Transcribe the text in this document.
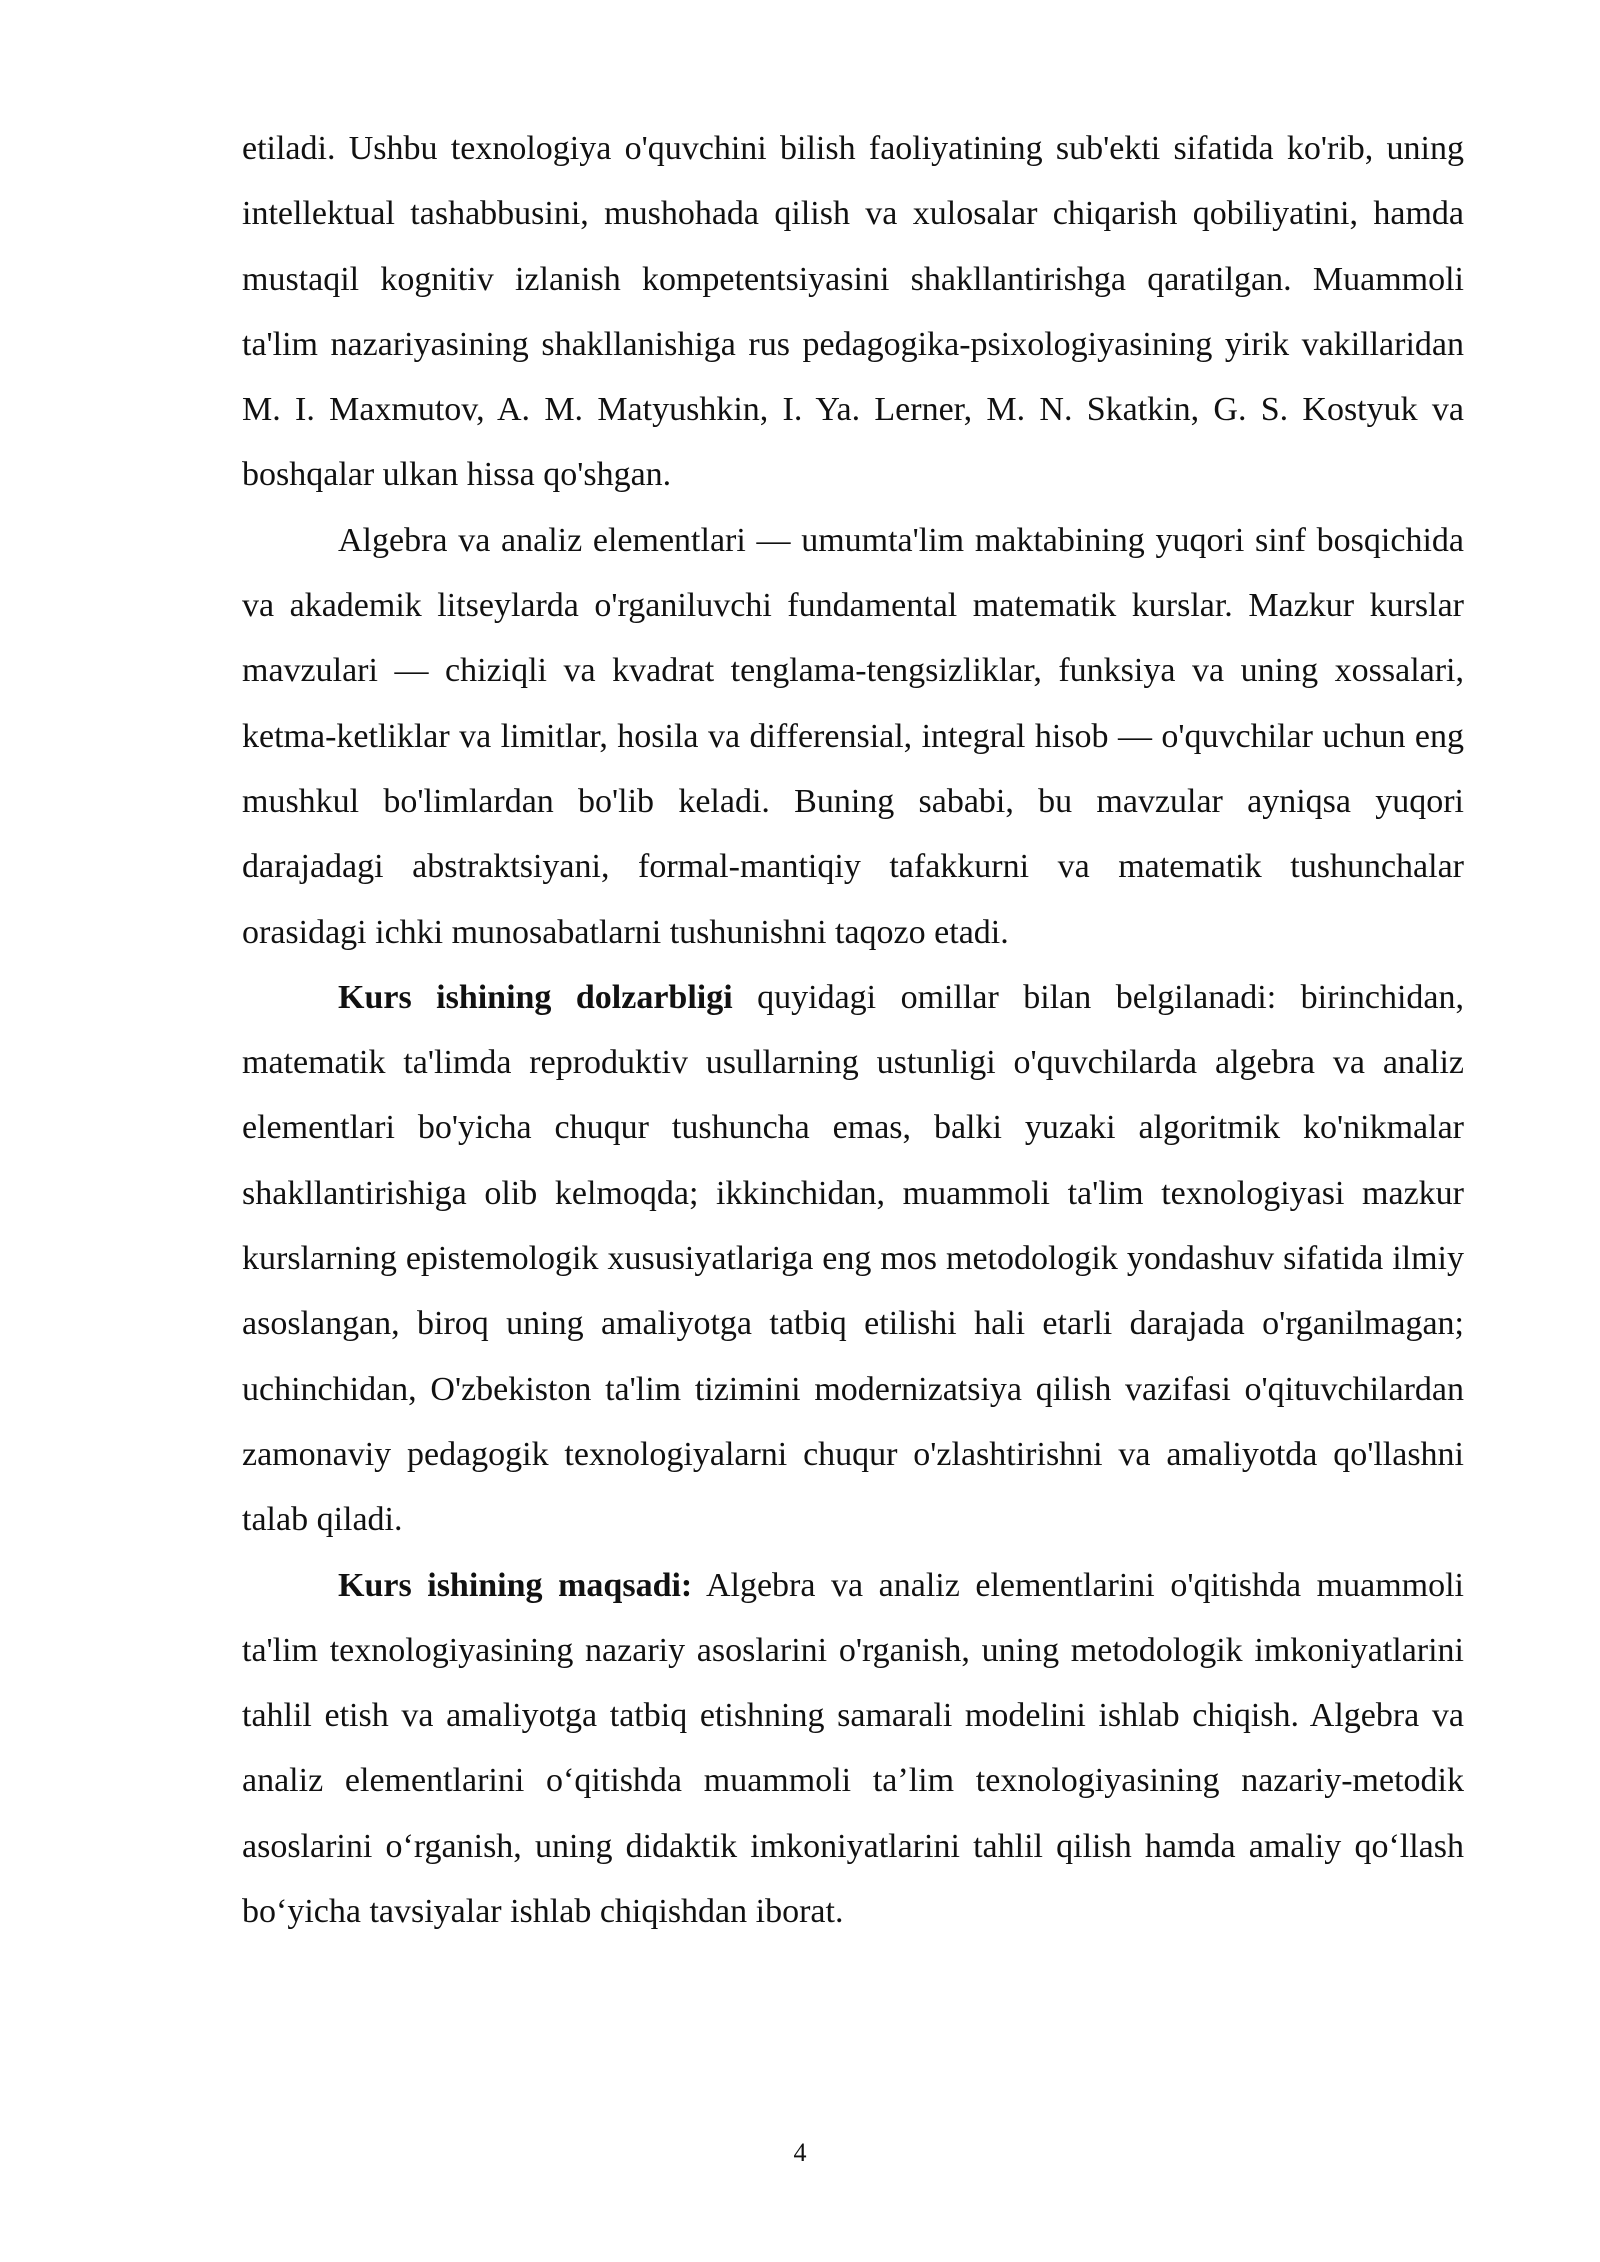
etiladi. Ushbu texnologiya o'quvchini bilish faoliyatining sub'ekti sifatida ko'rib, uning intellektual tashabbusini, mushohada qilish va xulosalar chiqarish qobiliyatini, hamda mustaqil kognitiv izlanish kompetentsiyasini shakllantirishga qaratilgan. Muammoli ta'lim nazariyasining shakllanishiga rus pedagogika-psixologiyasining yirik vakillaridan M. I. Maxmutov, A. M. Matyushkin, I. Ya. Lerner, M. N. Skatkin, G. S. Kostyuk va boshqalar ulkan hissa qo'shgan.

Algebra va analiz elementlari — umumta'lim maktabining yuqori sinf bosqichida va akademik litseylarda o'rganiluvchi fundamental matematik kurslar. Mazkur kurslar mavzulari — chiziqli va kvadrat tenglama-tengsizliklar, funksiya va uning xossalari, ketma-ketliklar va limitlar, hosila va differensial, integral hisob — o'quvchilar uchun eng mushkul bo'limlardan bo'lib keladi. Buning sababi, bu mavzular ayniqsa yuqori darajadagi abstraktsiyani, formal-mantiqiy tafakkurni va matematik tushunchalar orasidagi ichki munosabatlarni tushunishni taqozo etadi.

Kurs ishining dolzarbligi quyidagi omillar bilan belgilanadi: birinchidan, matematik ta'limda reproduktiv usullarning ustunligi o'quvchilarda algebra va analiz elementlari bo'yicha chuqur tushuncha emas, balki yuzaki algoritmik ko'nikmalar shakllantirishiga olib kelmoqda; ikkinchidan, muammoli ta'lim texnologiyasi mazkur kurslarning epistemologik xususiyatlariga eng mos metodologik yondashuv sifatida ilmiy asoslangan, biroq uning amaliyotga tatbiq etilishi hali etarli darajada o'rganilmagan; uchinchidan, O'zbekiston ta'lim tizimini modernizatsiya qilish vazifasi o'qituvchilardan zamonaviy pedagogik texnologiyalarni chuqur o'zlashtirishni va amaliyotda qo'llashni talab qiladi.

Kurs ishining maqsadi: Algebra va analiz elementlarini o'qitishda muammoli ta'lim texnologiyasining nazariy asoslarini o'rganish, uning metodologik imkoniyatlarini tahlil etish va amaliyotga tatbiq etishning samarali modelini ishlab chiqish. Algebra va analiz elementlarini oʻqitishda muammoli taʼlim texnologiyasining nazariy-metodik asoslarini oʻrganish, uning didaktik imkoniyatlarini tahlil qilish hamda amaliy qoʻllash boʻyicha tavsiyalar ishlab chiqishdan iborat.

4
